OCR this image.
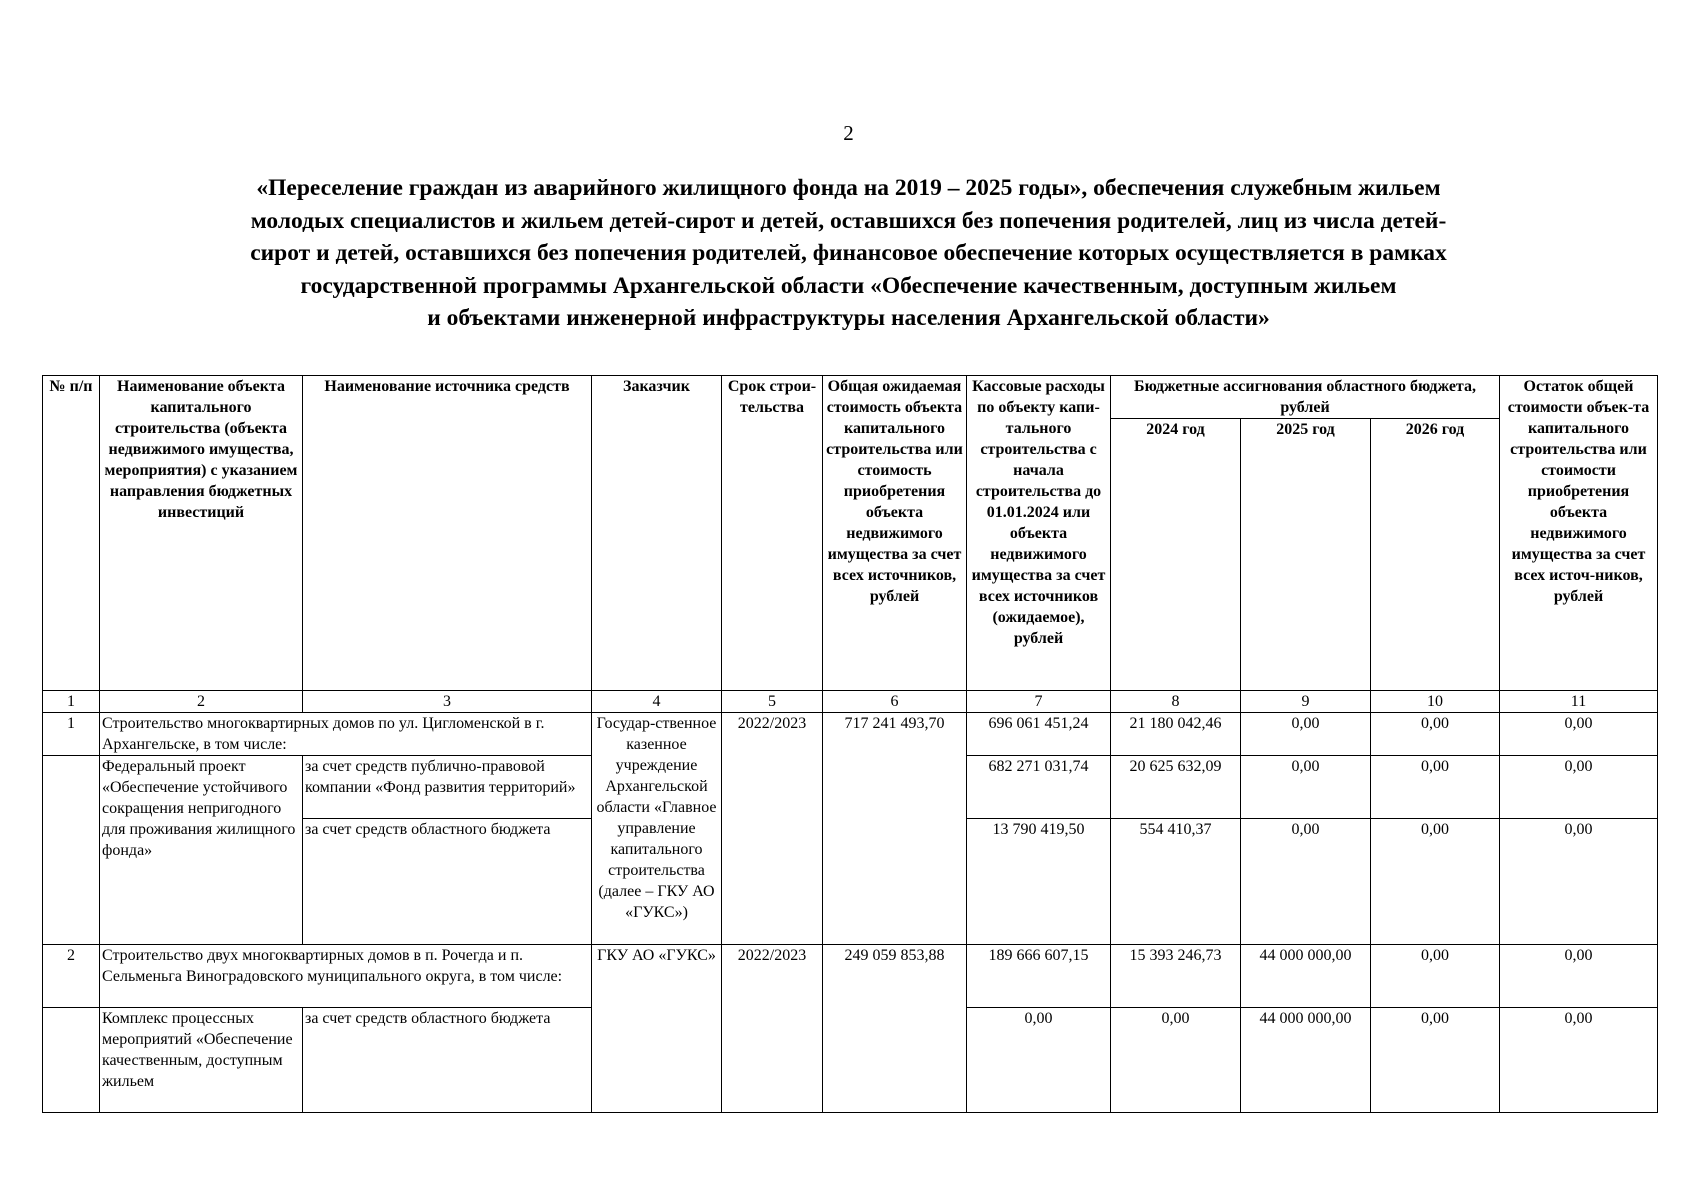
2
«Переселение граждан из аварийного жилищного фонда на 2019 – 2025 годы», обеспечения служебным жильем
молодых специалистов и жильем детей-сирот и детей, оставшихся без попечения родителей, лиц из числа детей-
сирот и детей, оставшихся без попечения родителей, финансовое обеспечение которых осуществляется в рамках
государственной программы Архангельской области «Обеспечение качественным, доступным жильем
и объектами инженерной инфраструктуры населения Архангельской области»
№ п/п	Наименование объекта капитального строительства (объекта недвижимого имущества, мероприятия) с указанием направления бюджетных инвестиций	Наименование источника средств	Заказчик	Срок строи-тельства	Общая ожидаемая стоимость объекта капитального строительства или стоимость приобретения объекта недвижимого имущества за счет всех источников, рублей	Кассовые расходы по объекту капи-тального строительства с начала строительства до 01.01.2024 или объекта недвижимого имущества за счет всех источников (ожидаемое), рублей	Бюджетные ассигнования областного бюджета, рублей			Остаток общей стоимости объек-та капитального строительства или стоимости приобретения объекта недвижимого имущества за счет всех источ-ников, рублей
							2024 год	2025 год	2026 год	
1	2	3	4	5	6	7	8	9	10	11
1	Строительство многоквартирных домов по ул. Цигломенской в г. Архангельске, в том числе:		Государ-ственное казенное учреждение Архангельской области «Главное управление капитального строительства (далее – ГКУ АО «ГУКС»)	2022/2023	717 241 493,70	696 061 451,24	21 180 042,46	0,00	0,00	0,00
	Федеральный проект «Обеспечение устойчивого сокращения непригодного для проживания жилищного фонда»	за счет средств публично-правовой компании «Фонд развития территорий»				682 271 031,74	20 625 632,09	0,00	0,00	0,00
		за счет средств областного бюджета				13 790 419,50	554 410,37	0,00	0,00	0,00
2	Строительство двух многоквартирных домов в п. Рочегда и п. Сельменьга Виноградовского муниципального округа, в том числе:		ГКУ АО «ГУКС»	2022/2023	249 059 853,88	189 666 607,15	15 393 246,73	44 000 000,00	0,00	0,00
	Комплекс процессных мероприятий «Обеспечение качественным, доступным жильем	за счет средств областного бюджета				0,00	0,00	44 000 000,00	0,00	0,00
